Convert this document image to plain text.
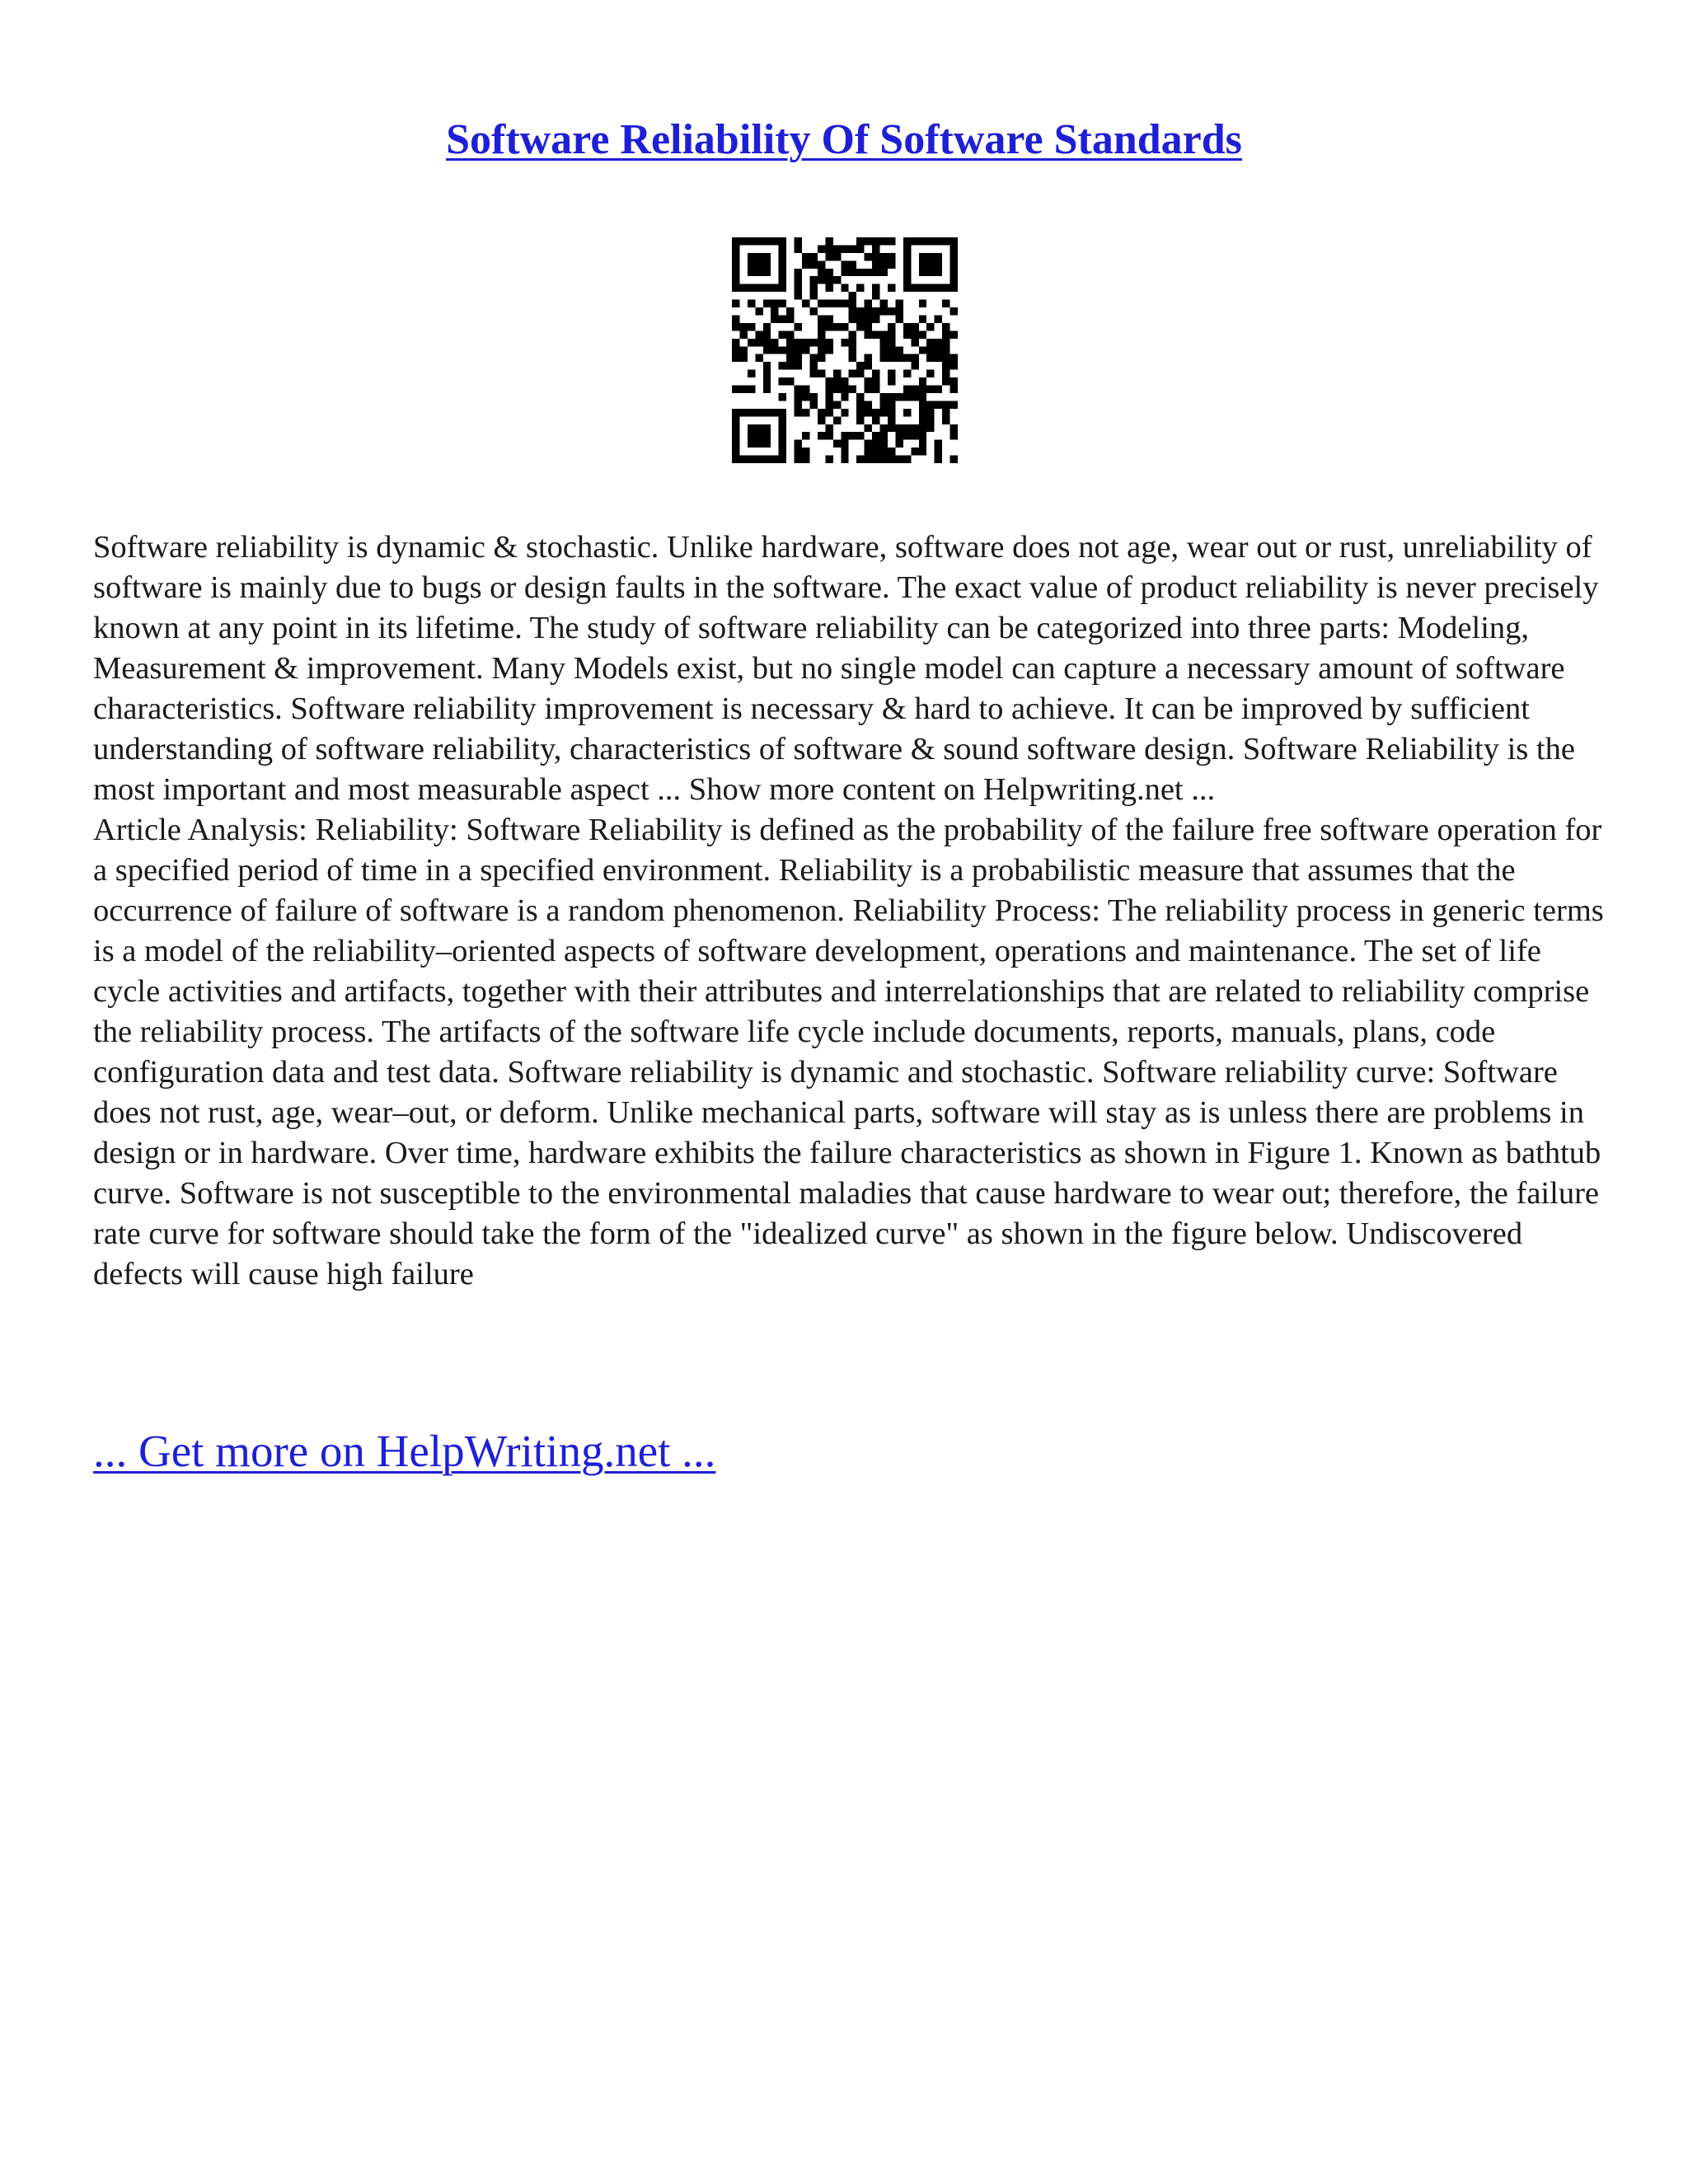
Software Reliability Of Software Standards

Software reliability is dynamic & stochastic. Unlike hardware, software does not age, wear out or rust, unreliability of software is mainly due to bugs or design faults in the software. The exact value of product reliability is never precisely known at any point in its lifetime. The study of software reliability can be categorized into three parts: Modeling, Measurement & improvement. Many Models exist, but no single model can capture a necessary amount of software characteristics. Software reliability improvement is necessary & hard to achieve. It can be improved by sufficient understanding of software reliability, characteristics of software & sound software design. Software Reliability is the most important and most measurable aspect ... Show more content on Helpwriting.net ...

Article Analysis: Reliability: Software Reliability is defined as the probability of the failure free software operation for a specified period of time in a specified environment. Reliability is a probabilistic measure that assumes that the occurrence of failure of software is a random phenomenon. Reliability Process: The reliability process in generic terms is a model of the reliability–oriented aspects of software development, operations and maintenance. The set of life cycle activities and artifacts, together with their attributes and interrelationships that are related to reliability comprise the reliability process. The artifacts of the software life cycle include documents, reports, manuals, plans, code configuration data and test data. Software reliability is dynamic and stochastic. Software reliability curve: Software does not rust, age, wear–out, or deform. Unlike mechanical parts, software will stay as is unless there are problems in design or in hardware. Over time, hardware exhibits the failure characteristics as shown in Figure 1. Known as bathtub curve. Software is not susceptible to the environmental maladies that cause hardware to wear out; therefore, the failure rate curve for software should take the form of the "idealized curve" as shown in the figure below. Undiscovered defects will cause high failure

... Get more on HelpWriting.net ...
